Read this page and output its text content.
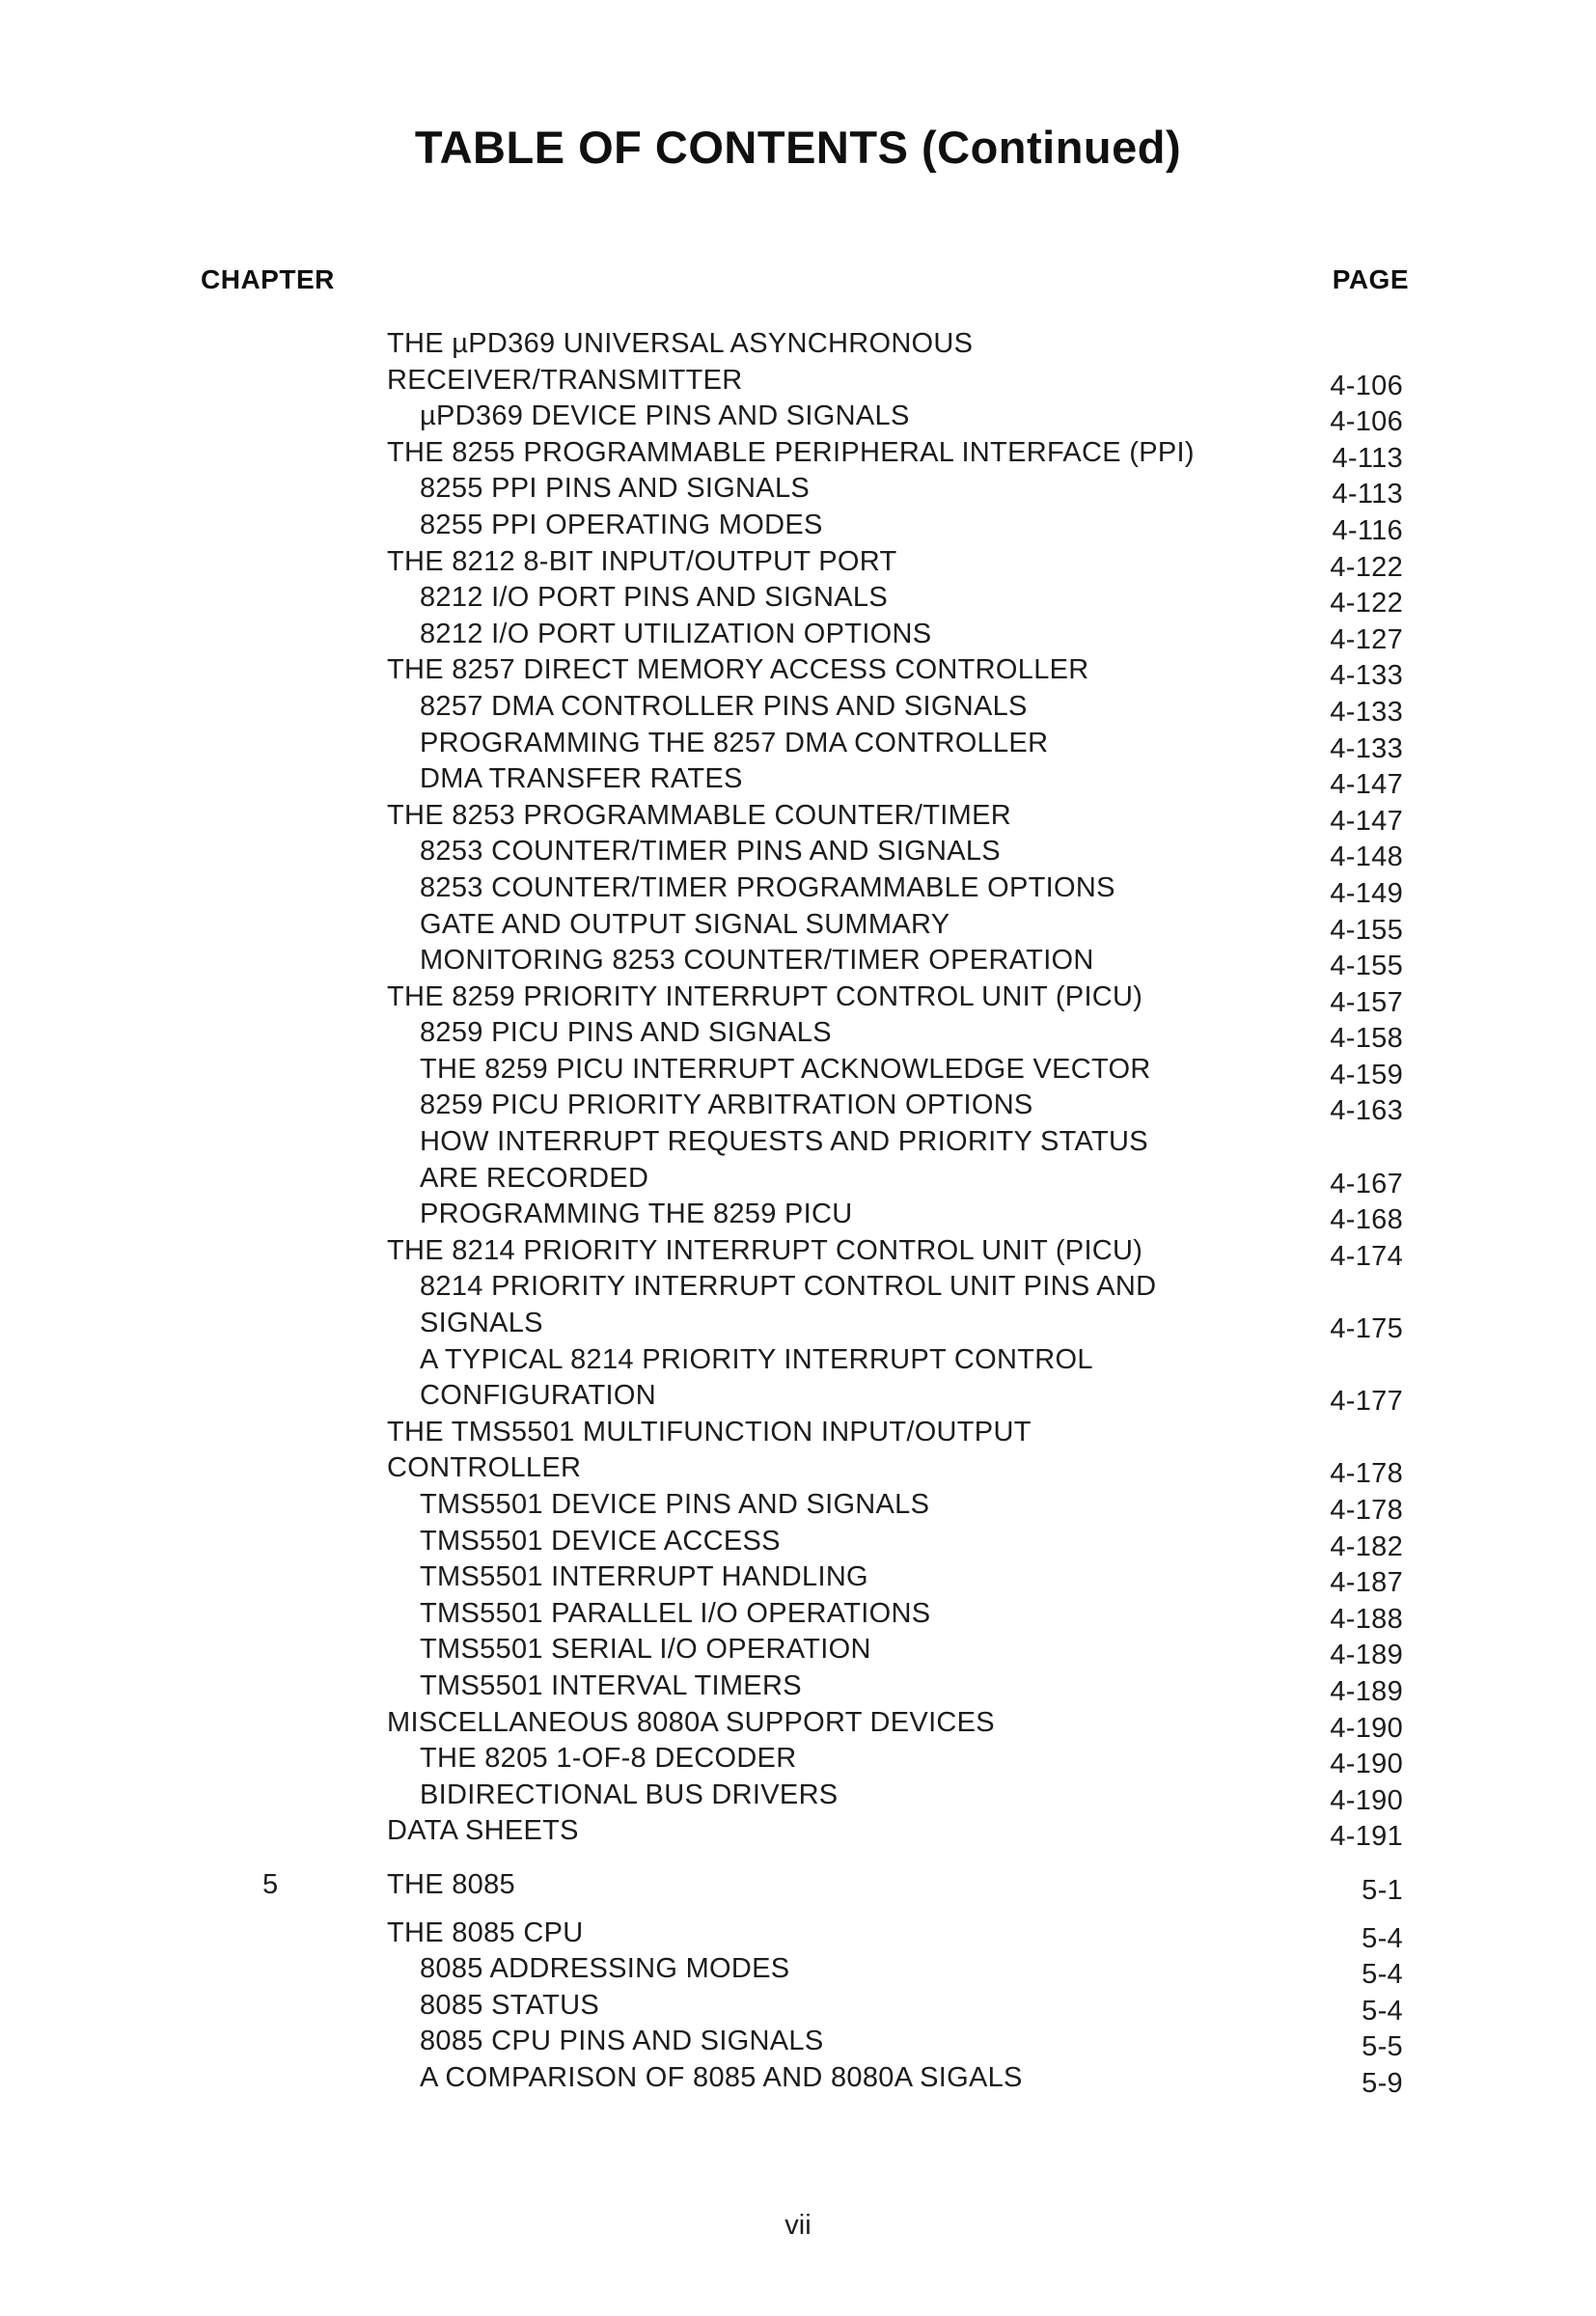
TABLE OF CONTENTS (Continued)
CHAPTER	PAGE
THE µPD369 UNIVERSAL ASYNCHRONOUS
RECEIVER/TRANSMITTER	4-106
µPD369 DEVICE PINS AND SIGNALS	4-106
THE 8255 PROGRAMMABLE PERIPHERAL INTERFACE (PPI)	4-113
8255 PPI PINS AND SIGNALS	4-113
8255 PPI OPERATING MODES	4-116
THE 8212 8-BIT INPUT/OUTPUT PORT	4-122
8212 I/O PORT PINS AND SIGNALS	4-122
8212 I/O PORT UTILIZATION OPTIONS	4-127
THE 8257 DIRECT MEMORY ACCESS CONTROLLER	4-133
8257 DMA CONTROLLER PINS AND SIGNALS	4-133
PROGRAMMING THE 8257 DMA CONTROLLER	4-133
DMA TRANSFER RATES	4-147
THE 8253 PROGRAMMABLE COUNTER/TIMER	4-147
8253 COUNTER/TIMER PINS AND SIGNALS	4-148
8253 COUNTER/TIMER PROGRAMMABLE OPTIONS	4-149
GATE AND OUTPUT SIGNAL SUMMARY	4-155
MONITORING 8253 COUNTER/TIMER OPERATION	4-155
THE 8259 PRIORITY INTERRUPT CONTROL UNIT (PICU)	4-157
8259 PICU PINS AND SIGNALS	4-158
THE 8259 PICU INTERRUPT ACKNOWLEDGE VECTOR	4-159
8259 PICU PRIORITY ARBITRATION OPTIONS	4-163
HOW INTERRUPT REQUESTS AND PRIORITY STATUS
ARE RECORDED	4-167
PROGRAMMING THE 8259 PICU	4-168
THE 8214 PRIORITY INTERRUPT CONTROL UNIT (PICU)	4-174
8214 PRIORITY INTERRUPT CONTROL UNIT PINS AND
SIGNALS	4-175
A TYPICAL 8214 PRIORITY INTERRUPT CONTROL
CONFIGURATION	4-177
THE TMS5501 MULTIFUNCTION INPUT/OUTPUT
CONTROLLER	4-178
TMS5501 DEVICE PINS AND SIGNALS	4-178
TMS5501 DEVICE ACCESS	4-182
TMS5501 INTERRUPT HANDLING	4-187
TMS5501 PARALLEL I/O OPERATIONS	4-188
TMS5501 SERIAL I/O OPERATION	4-189
TMS5501 INTERVAL TIMERS	4-189
MISCELLANEOUS 8080A SUPPORT DEVICES	4-190
THE 8205 1-OF-8 DECODER	4-190
BIDIRECTIONAL BUS DRIVERS	4-190
DATA SHEETS	4-191
5	THE 8085	5-1
THE 8085 CPU	5-4
8085 ADDRESSING MODES	5-4
8085 STATUS	5-4
8085 CPU PINS AND SIGNALS	5-5
A COMPARISON OF 8085 AND 8080A SIGALS	5-9
vii
